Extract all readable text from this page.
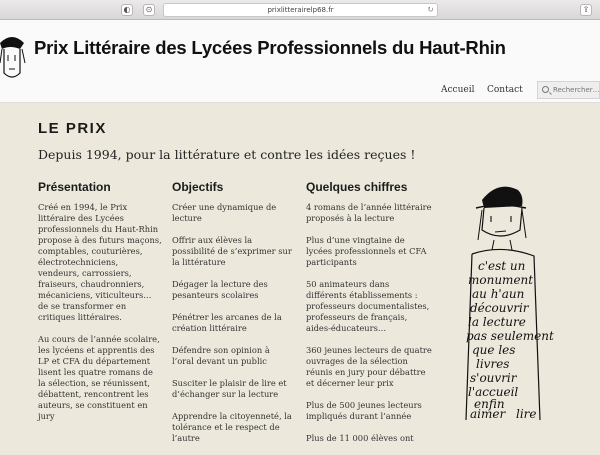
◐	⊙	prixlitterairelp68.fr	↻	⇪
Prix Littéraire des Lycées Professionnels du Haut-Rhin
Accueil Contact
Rechercher…
LE PRIX
Depuis 1994, pour la littérature et contre les idées reçues !
Présentation

Créé en 1994, le Prix littéraire des Lycées professionnels du Haut-Rhin propose à des futurs maçons, comptables, couturières, électrotechniciens, vendeurs, carrossiers, fraiseurs, chaudronniers, mécaniciens, viticulteurs… de se transformer en critiques littéraires.

Au cours de l’année scolaire, les lycéens et apprentis des LP et CFA du département lisent les quatre romans de la sélection, se réunissent, débattent, rencontrent les auteurs, se constituent en jury

Objectifs

Créer une dynamique de lecture

Offrir aux élèves la possibilité de s’exprimer sur la littérature

Dégager la lecture des pesanteurs scolaires

Pénétrer les arcanes de la création littéraire

Défendre son opinion à l’oral devant un public

Susciter le plaisir de lire et d’échanger sur la lecture

Apprendre la citoyenneté, la tolérance et le respect de l’autre

Quelques chiffres

4 romans de l’année littéraire proposés à la lecture

Plus d’une vingtaine de lycées professionnels et CFA participants

50 animateurs dans différents établissements : professeurs documentalistes, professeurs de français, aides-éducateurs…

360 jeunes lecteurs de quatre ouvrages de la sélection réunis en jury pour débattre et décerner leur prix

Plus de 500 jeunes lecteurs impliqués durant l’année

Plus de 11 000 élèves ont

c'est un
monument
au h'aun
découvrir
la lecture
pas seulement
que les
livres
s'ouvrir
l'accueil
enfin
aimer lire
